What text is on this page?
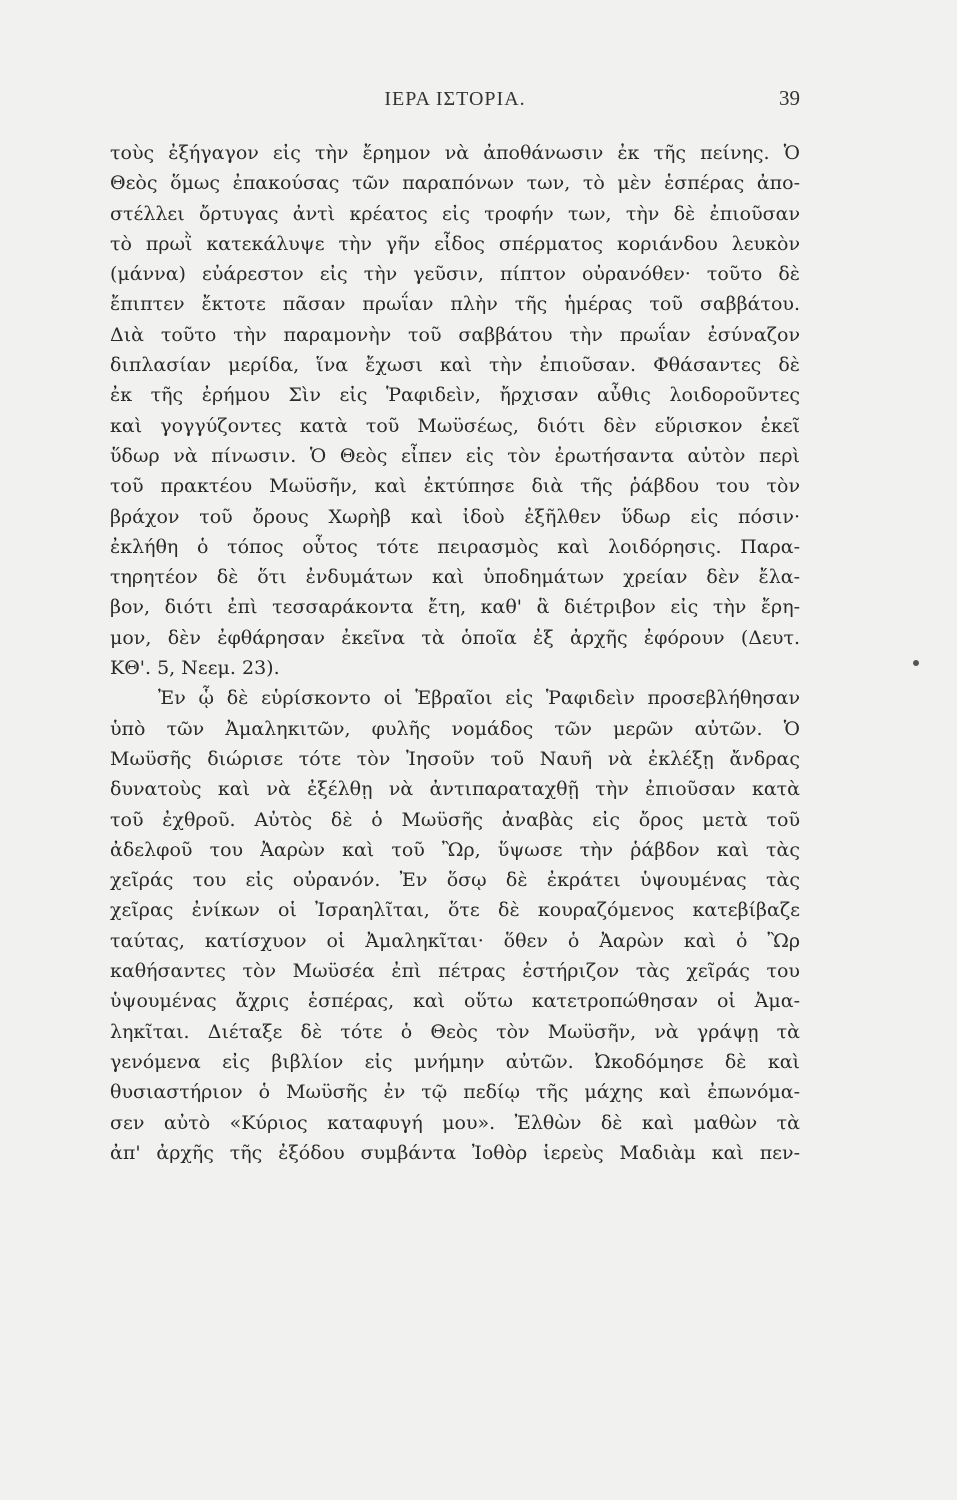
ΙΕΡΑ ΙΣΤΟΡΙΑ.	39
τοὺς ἐξήγαγον εἰς τὴν ἔρημον νὰ ἀποθάνωσιν ἐκ τῆς πείνης. Ὁ
Θεὸς ὅμως ἐπακούσας τῶν παραπόνων των, τὸ μὲν ἑσπέρας ἀπο-
στέλλει ὄρτυγας ἀντὶ κρέατος εἰς τροφήν των, τὴν δὲ ἐπιοῦσαν
τὸ πρωῒ κατεκάλυψε τὴν γῆν εἶδος σπέρματος κοριάνδου λευκὸν
(μάννα) εὐάρεστον εἰς τὴν γεῦσιν, πίπτον οὐρανόθεν· τοῦτο δὲ
ἔπιπτεν ἔκτοτε πᾶσαν πρωΐαν πλὴν τῆς ἡμέρας τοῦ σαββάτου.
Διὰ τοῦτο τὴν παραμονὴν τοῦ σαββάτου τὴν πρωΐαν ἐσύναζον
διπλασίαν μερίδα, ἵνα ἔχωσι καὶ τὴν ἐπιοῦσαν. Φθάσαντες δὲ
ἐκ τῆς ἐρήμου Σὶν εἰς Ῥαφιδεὶν, ἤρχισαν αὖθις λοιδοροῦντες
καὶ γογγύζοντες κατὰ τοῦ Μωϋσέως, διότι δὲν εὕρισκον ἐκεῖ
ὕδωρ νὰ πίνωσιν. Ὁ Θεὸς εἶπεν εἰς τὸν ἐρωτήσαντα αὐτὸν περὶ
τοῦ πρακτέου Μωϋσῆν, καὶ ἐκτύπησε διὰ τῆς ῥάβδου του τὸν
βράχον τοῦ ὄρους Χωρὴβ καὶ ἰδοὺ ἐξῆλθεν ὕδωρ εἰς πόσιν·
ἐκλήθη ὁ τόπος οὗτος τότε πειρασμὸς καὶ λοιδόρησις. Παρα-
τηρητέον δὲ ὅτι ἐνδυμάτων καὶ ὑποδημάτων χρείαν δὲν ἔλα-
βον, διότι ἐπὶ τεσσαράκοντα ἔτη, καθ' ἃ διέτριβον εἰς τὴν ἔρη-
μον, δὲν ἐφθάρησαν ἐκεῖνα τὰ ὁποῖα ἐξ ἀρχῆς ἐφόρουν (Δευτ.
ΚΘ'. 5, Νεεμ. 23).
Ἐν ᾧ δὲ εὑρίσκοντο οἱ Ἑβραῖοι εἰς Ῥαφιδεὶν προσεβλήθησαν
ὑπὸ τῶν Ἀμαληκιτῶν, φυλῆς νομάδος τῶν μερῶν αὐτῶν. Ὁ
Μωϋσῆς διώρισε τότε τὸν Ἰησοῦν τοῦ Ναυῆ νὰ ἐκλέξῃ ἄνδρας
δυνατοὺς καὶ νὰ ἐξέλθῃ νὰ ἀντιπαραταχθῇ τὴν ἐπιοῦσαν κατὰ
τοῦ ἐχθροῦ. Αὐτὸς δὲ ὁ Μωϋσῆς ἀναβὰς εἰς ὄρος μετὰ τοῦ
ἀδελφοῦ του Ἀαρὼν καὶ τοῦ Ὢρ, ὕψωσε τὴν ῥάβδον καὶ τὰς
χεῖράς του εἰς οὐρανόν. Ἐν ὅσῳ δὲ ἐκράτει ὑψουμένας τὰς
χεῖρας ἐνίκων οἱ Ἰσραηλῖται, ὅτε δὲ κουραζόμενος κατεβίβαζε
ταύτας, κατίσχυον οἱ Ἀμαληκῖται· ὅθεν ὁ Ἀαρὼν καὶ ὁ Ὢρ
καθήσαντες τὸν Μωϋσέα ἐπὶ πέτρας ἐστήριζον τὰς χεῖράς του
ὑψουμένας ἄχρις ἑσπέρας, καὶ οὕτω κατετροπώθησαν οἱ Ἀμα-
ληκῖται. Διέταξε δὲ τότε ὁ Θεὸς τὸν Μωϋσῆν, νὰ γράψῃ τὰ
γενόμενα εἰς βιβλίον εἰς μνήμην αὐτῶν. Ὠκοδόμησε δὲ καὶ
θυσιαστήριον ὁ Μωϋσῆς ἐν τῷ πεδίῳ τῆς μάχης καὶ ἐπωνόμα-
σεν αὐτὸ «Κύριος καταφυγή μου». Ἐλθὼν δὲ καὶ μαθὼν τὰ
ἀπ' ἀρχῆς τῆς ἐξόδου συμβάντα Ἰοθὸρ ἱερεὺς Μαδιὰμ καὶ πεν-
